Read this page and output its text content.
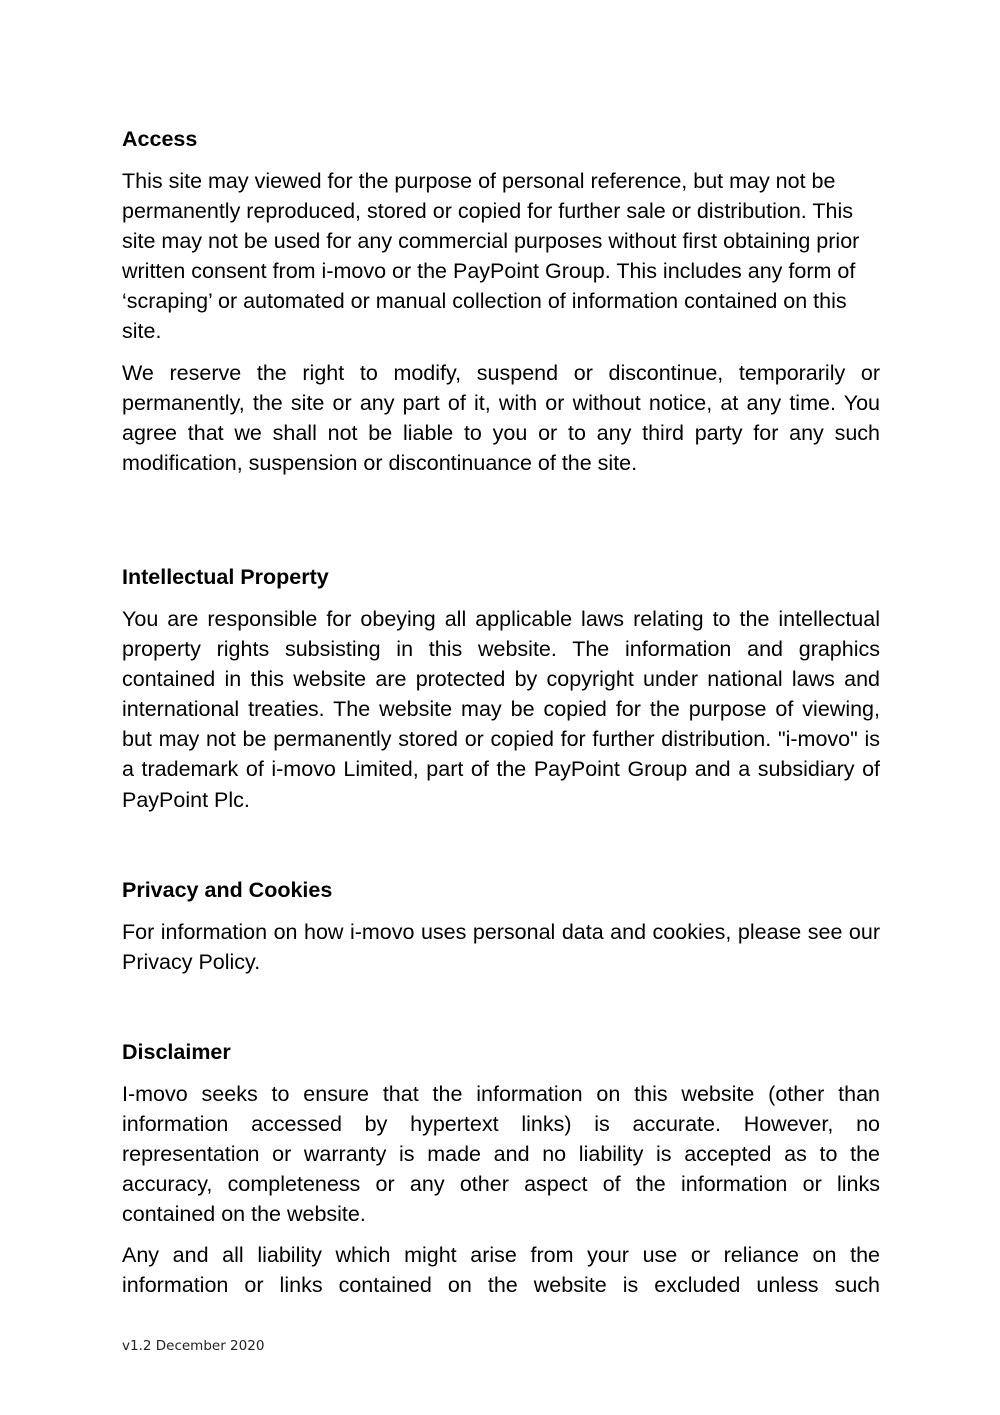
Access

This site may viewed for the purpose of personal reference, but may not be permanently reproduced, stored or copied for further sale or distribution. This site may not be used for any commercial purposes without first obtaining prior written consent from i-movo or the PayPoint Group. This includes any form of ‘scraping’ or automated or manual collection of information contained on this site.

We reserve the right to modify, suspend or discontinue, temporarily or permanently, the site or any part of it, with or without notice, at any time. You agree that we shall not be liable to you or to any third party for any such modification, suspension or discontinuance of the site.

Intellectual Property

You are responsible for obeying all applicable laws relating to the intellectual property rights subsisting in this website. The information and graphics contained in this website are protected by copyright under national laws and international treaties. The website may be copied for the purpose of viewing, but may not be permanently stored or copied for further distribution. "i-movo" is a trademark of i-movo Limited, part of the PayPoint Group and a subsidiary of PayPoint Plc.

Privacy and Cookies

For information on how i-movo uses personal data and cookies, please see our Privacy Policy.

Disclaimer

I-movo seeks to ensure that the information on this website (other than information accessed by hypertext links) is accurate. However, no representation or warranty is made and no liability is accepted as to the accuracy, completeness or any other aspect of the information or links contained on the website.

Any and all liability which might arise from your use or reliance on the information or links contained on the website is excluded unless such

v1.2 December 2020
